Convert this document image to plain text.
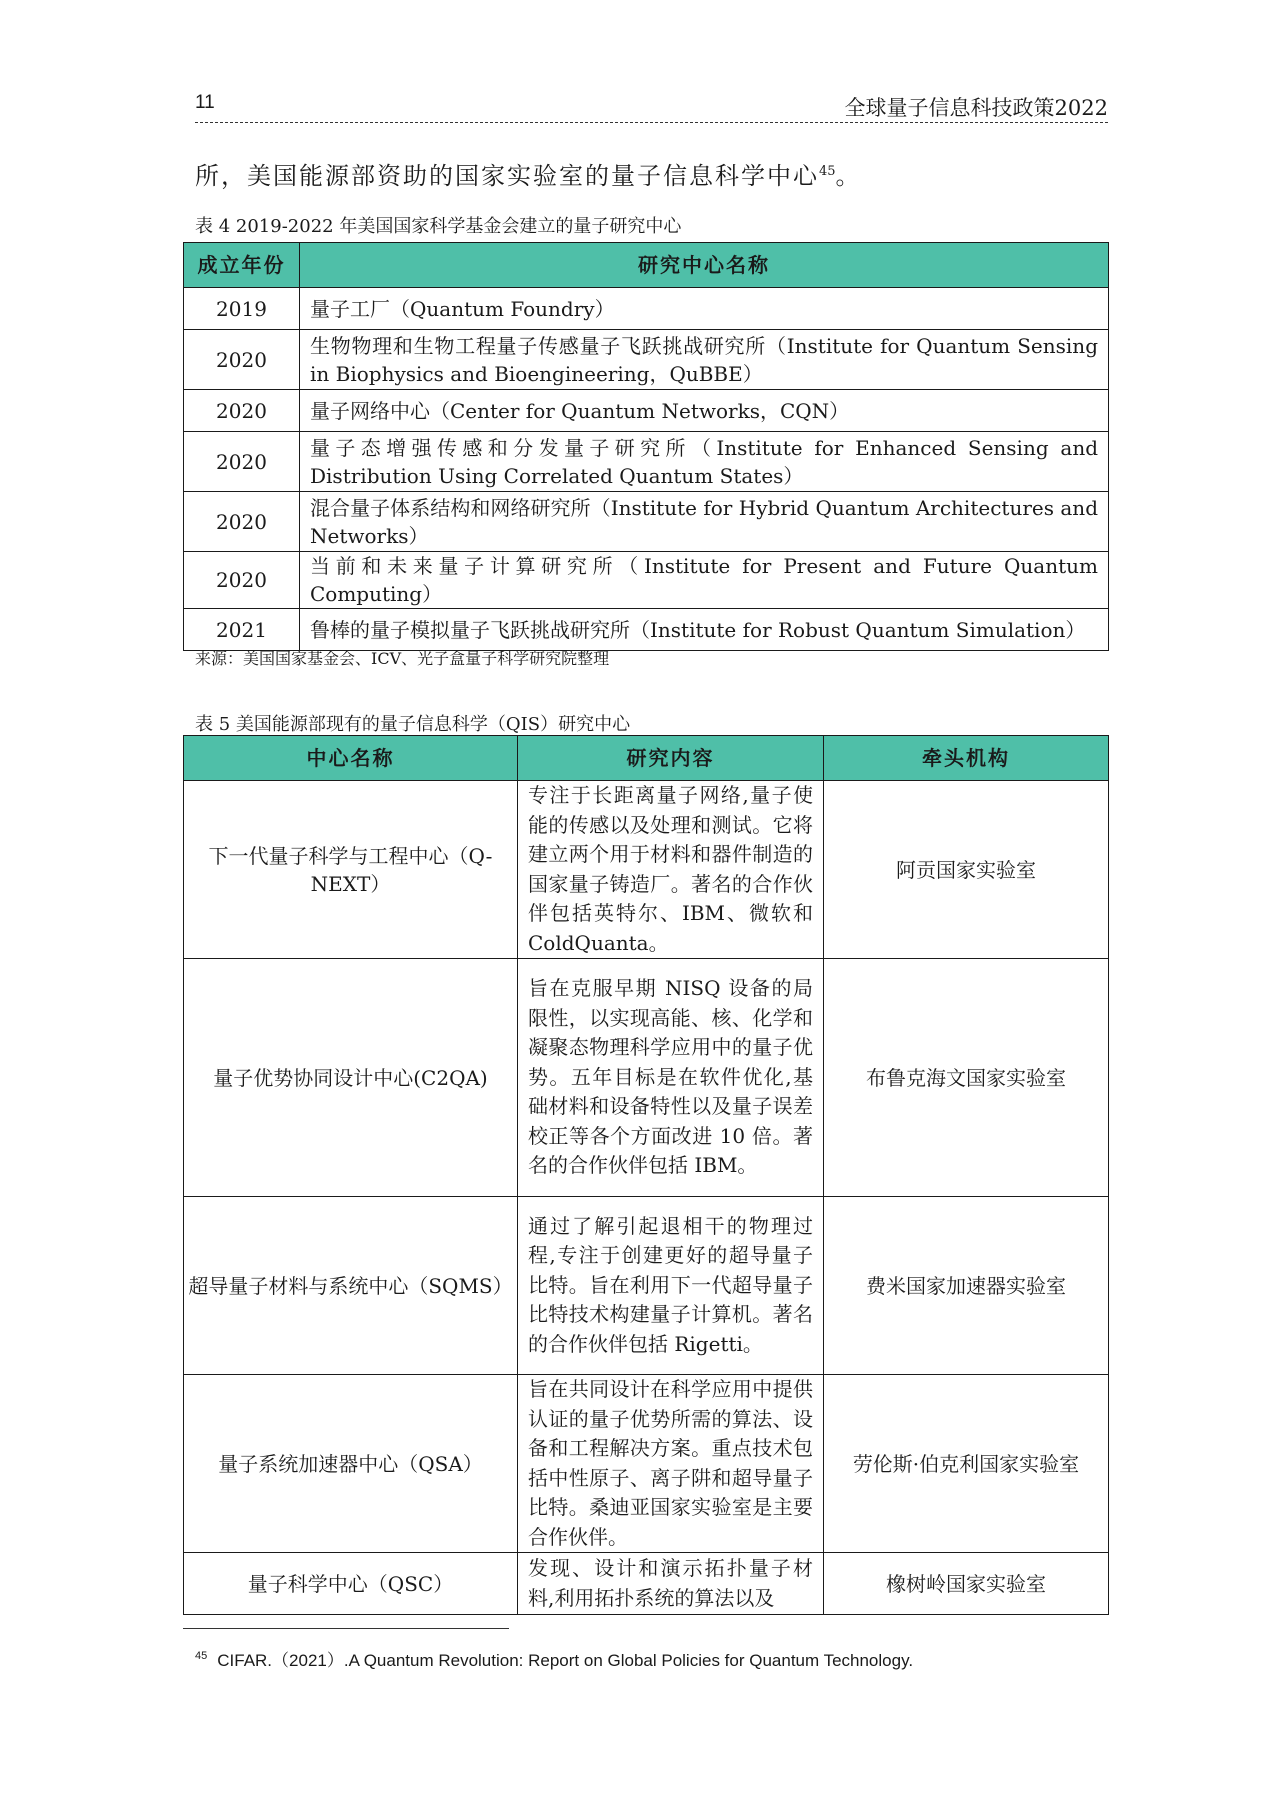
11	全球量子信息科技政策2022
所，美国能源部资助的国家实验室的量子信息科学中心$^{45}$。
表 4 2019-2022 年美国国家科学基金会建立的量子研究中心
成立年份	研究中心名称
2019	量子工厂（Quantum Foundry）
2020	生物物理和生物工程量子传感量子飞跃挑战研究所（Institute for Quantum Sensing in Biophysics and Bioengineering，QuBBE）
2020	量子网络中心（Center for Quantum Networks，CQN）
2020	量子态增强传感和分发量子研究所（Institute for Enhanced Sensing and Distribution Using Correlated Quantum States）
2020	混合量子体系结构和网络研究所（Institute for Hybrid Quantum Architectures and Networks）
2020	当前和未来量子计算研究所（Institute for Present and Future Quantum Computing）
2021	鲁棒的量子模拟量子飞跃挑战研究所（Institute for Robust Quantum Simulation）
来源：美国国家基金会、ICV、光子盒量子科学研究院整理
表 5 美国能源部现有的量子信息科学（QIS）研究中心
中心名称	研究内容	牵头机构
下一代量子科学与工程中心（Q-NEXT）	专注于长距离量子网络,量子使能的传感以及处理和测试。它将建立两个用于材料和器件制造的国家量子铸造厂。著名的合作伙伴包括英特尔、IBM、微软和 ColdQuanta。	阿贡国家实验室
量子优势协同设计中心(C2QA)	旨在克服早期 NISQ 设备的局限性，以实现高能、核、化学和凝聚态物理科学应用中的量子优势。五年目标是在软件优化,基础材料和设备特性以及量子误差校正等各个方面改进 10 倍。著名的合作伙伴包括 IBM。	布鲁克海文国家实验室
超导量子材料与系统中心（SQMS）	通过了解引起退相干的物理过程,专注于创建更好的超导量子比特。旨在利用下一代超导量子比特技术构建量子计算机。著名的合作伙伴包括 Rigetti。	费米国家加速器实验室
量子系统加速器中心（QSA）	旨在共同设计在科学应用中提供认证的量子优势所需的算法、设备和工程解决方案。重点技术包括中性原子、离子阱和超导量子比特。桑迪亚国家实验室是主要合作伙伴。	劳伦斯·伯克利国家实验室
量子科学中心（QSC）	发现、设计和演示拓扑量子材料,利用拓扑系统的算法以及	橡树岭国家实验室
$^{45}$ CIFAR.（2021）.A Quantum Revolution: Report on Global Policies for Quantum Technology.
